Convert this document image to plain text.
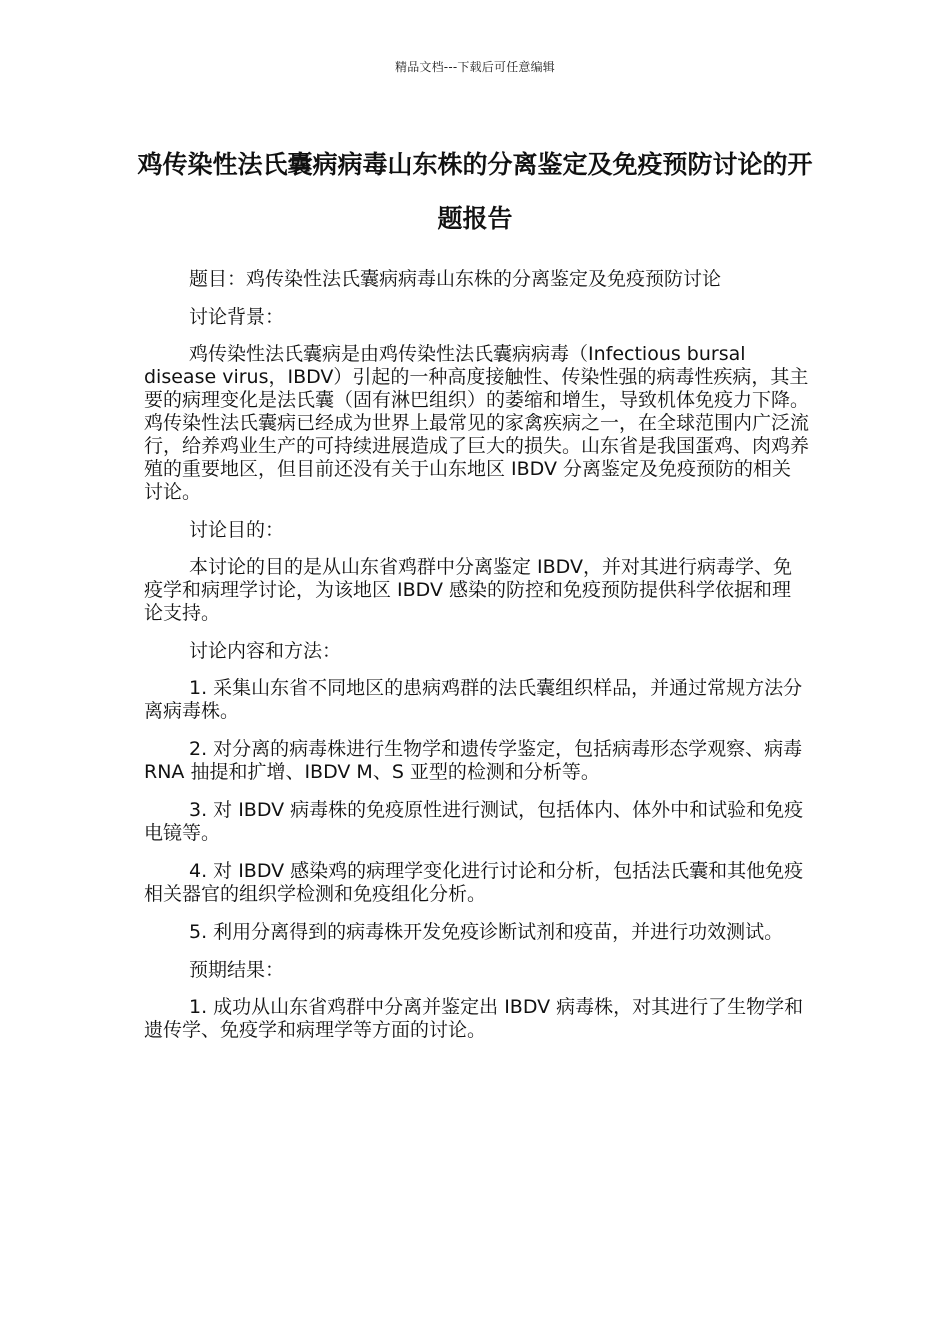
精品文档---下载后可任意编辑
鸡传染性法氏囊病病毒山东株的分离鉴定及免疫预防讨论的开题报告

题目：鸡传染性法氏囊病病毒山东株的分离鉴定及免疫预防讨论

讨论背景：

鸡传染性法氏囊病是由鸡传染性法氏囊病病毒（Infectious bursal disease virus，IBDV）引起的一种高度接触性、传染性强的病毒性疾病，其主要的病理变化是法氏囊（固有淋巴组织）的萎缩和增生，导致机体免疫力下降。鸡传染性法氏囊病已经成为世界上最常见的家禽疾病之一，在全球范围内广泛流行，给养鸡业生产的可持续进展造成了巨大的损失。山东省是我国蛋鸡、肉鸡养殖的重要地区，但目前还没有关于山东地区 IBDV 分离鉴定及免疫预防的相关讨论。

讨论目的：

本讨论的目的是从山东省鸡群中分离鉴定 IBDV，并对其进行病毒学、免疫学和病理学讨论，为该地区 IBDV 感染的防控和免疫预防提供科学依据和理论支持。

讨论内容和方法：

1. 采集山东省不同地区的患病鸡群的法氏囊组织样品，并通过常规方法分离病毒株。

2. 对分离的病毒株进行生物学和遗传学鉴定，包括病毒形态学观察、病毒 RNA 抽提和扩增、IBDV M、S 亚型的检测和分析等。

3. 对 IBDV 病毒株的免疫原性进行测试，包括体内、体外中和试验和免疫电镜等。

4. 对 IBDV 感染鸡的病理学变化进行讨论和分析，包括法氏囊和其他免疫相关器官的组织学检测和免疫组化分析。

5. 利用分离得到的病毒株开发免疫诊断试剂和疫苗，并进行功效测试。

预期结果：

1. 成功从山东省鸡群中分离并鉴定出 IBDV 病毒株，对其进行了生物学和遗传学、免疫学和病理学等方面的讨论。
